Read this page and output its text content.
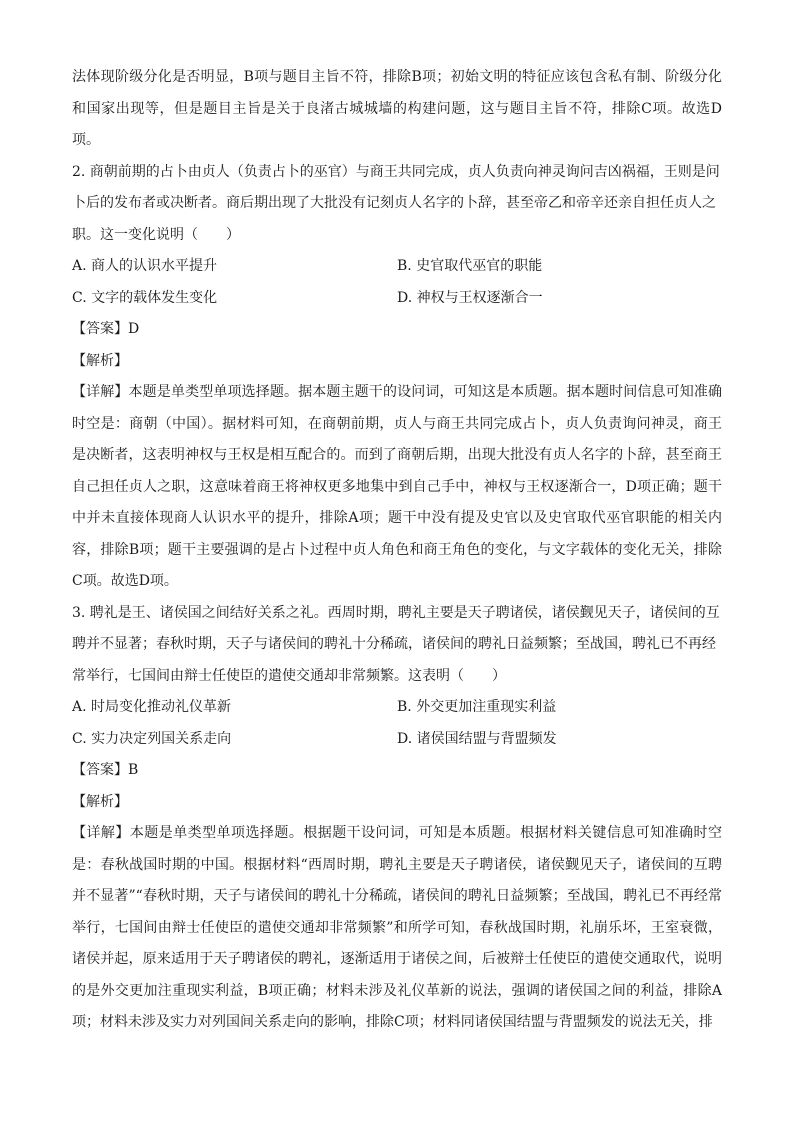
法体现阶级分化是否明显，B项与题目主旨不符，排除B项；初始文明的特征应该包含私有制、阶级分化和国家出现等，但是题目主旨是关于良渚古城城墙的构建问题，这与题目主旨不符，排除C项。故选D项。

2. 商朝前期的占卜由贞人（负责占卜的巫官）与商王共同完成，贞人负责向神灵询问吉凶祸福，王则是问卜后的发布者或决断者。商后期出现了大批没有记刻贞人名字的卜辞，甚至帝乙和帝辛还亲自担任贞人之职。这一变化说明（　　）

A. 商人的认识水平提升	B. 史官取代巫官的职能
C. 文字的载体发生变化	D. 神权与王权逐渐合一

【答案】D

【解析】

【详解】本题是单类型单项选择题。据本题主题干的设问词，可知这是本质题。据本题时间信息可知准确时空是：商朝（中国）。据材料可知，在商朝前期，贞人与商王共同完成占卜，贞人负责询问神灵，商王是决断者，这表明神权与王权是相互配合的。而到了商朝后期，出现大批没有贞人名字的卜辞，甚至商王自己担任贞人之职，这意味着商王将神权更多地集中到自己手中，神权与王权逐渐合一，D项正确；题干中并未直接体现商人认识水平的提升，排除A项；题干中没有提及史官以及史官取代巫官职能的相关内容，排除B项；题干主要强调的是占卜过程中贞人角色和商王角色的变化，与文字载体的变化无关，排除C项。故选D项。

3. 聘礼是王、诸侯国之间结好关系之礼。西周时期，聘礼主要是天子聘诸侯，诸侯觐见天子，诸侯间的互聘并不显著；春秋时期，天子与诸侯间的聘礼十分稀疏，诸侯间的聘礼日益频繁；至战国，聘礼已不再经常举行，七国间由辩士任使臣的遣使交通却非常频繁。这表明（　　）

A. 时局变化推动礼仪革新	B. 外交更加注重现实利益
C. 实力决定列国关系走向	D. 诸侯国结盟与背盟频发

【答案】B

【解析】

【详解】本题是单类型单项选择题。根据题干设问词，可知是本质题。根据材料关键信息可知准确时空是：春秋战国时期的中国。根据材料“西周时期，聘礼主要是天子聘诸侯，诸侯觐见天子，诸侯间的互聘并不显著”“春秋时期，天子与诸侯间的聘礼十分稀疏，诸侯间的聘礼日益频繁；至战国，聘礼已不再经常举行，七国间由辩士任使臣的遣使交通却非常频繁”和所学可知，春秋战国时期，礼崩乐坏，王室衰微，诸侯并起，原来适用于天子聘诸侯的聘礼，逐渐适用于诸侯之间，后被辩士任使臣的遣使交通取代，说明的是外交更加注重现实利益，B项正确；材料未涉及礼仪革新的说法，强调的诸侯国之间的利益，排除A项；材料未涉及实力对列国间关系走向的影响，排除C项；材料同诸侯国结盟与背盟频发的说法无关，排
